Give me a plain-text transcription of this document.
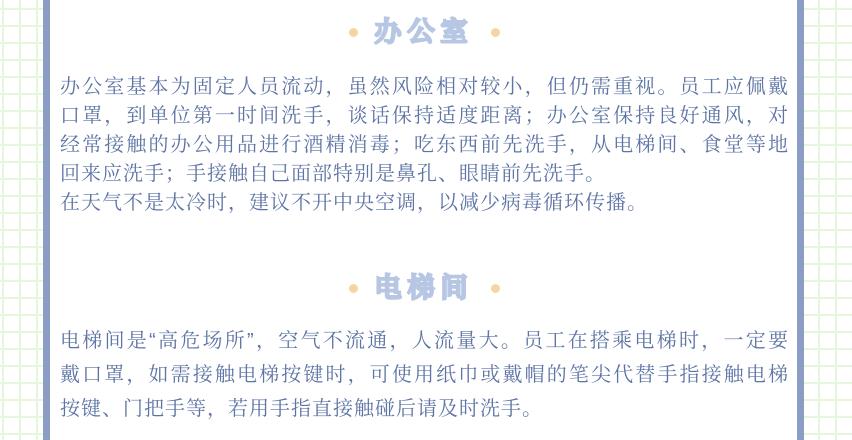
办公室
办公室基本为固定人员流动，虽然风险相对较小，但仍需重视。员工应佩戴
口罩，到单位第一时间洗手，谈话保持适度距离；办公室保持良好通风，对
经常接触的办公用品进行酒精消毒；吃东西前先洗手，从电梯间、食堂等地
回来应洗手；手接触自己面部特别是鼻孔、眼睛前先洗手。
在天气不是太冷时，建议不开中央空调，以减少病毒循环传播。
电梯间
电梯间是“高危场所”，空气不流通，人流量大。员工在搭乘电梯时，一定要
戴口罩，如需接触电梯按键时，可使用纸巾或戴帽的笔尖代替手指接触电梯
按键、门把手等，若用手指直接触碰后请及时洗手。
